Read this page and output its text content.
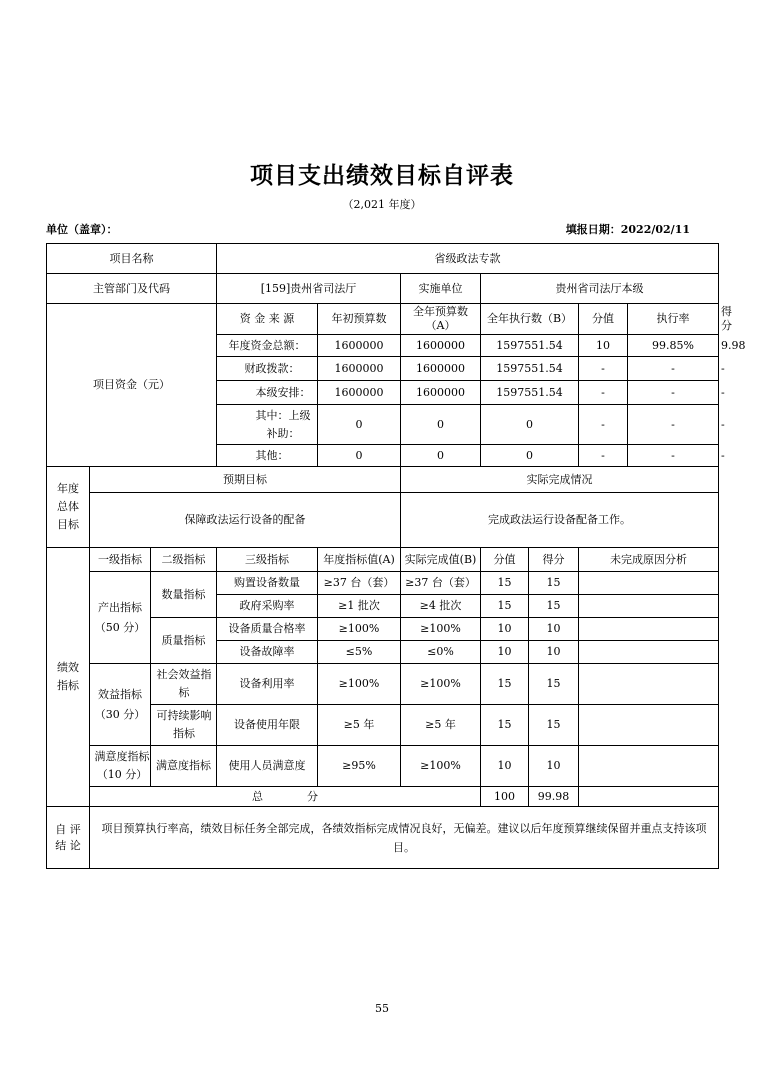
项目支出绩效目标自评表
（2,021 年度）
单位（盖章）：	填报日期：2022/02/11
项目名称			省级政法专款							
主管部门及代码			[159]贵州省司法厅		实施单位	贵州省司法厅本级				
项目资金（元）			资 金 来 源	年初预算数	全年预算数（A）	全年执行数（B）		分值	执行率	得分
			年度资金总额：	1600000	1600000	1597551.54		10	99.85%	9.98
			财政拨款：	1600000	1600000	1597551.54		-	-	-
			本级安排：	1600000	1600000	1597551.54		-	-	-
			其中：上级补助：	0	0	0		-	-	-
			其他：	0	0	0		-	-	-

年度总体目标	预期目标				实际完成情况					
	保障政法运行设备的配备				完成政法运行设备配备工作。					
绩效指标	一级指标	二级指标	三级指标	年度指标值(A)	实际完成值(B)	分值	得分	未完成原因分析		
	产出指标（50 分）	数量指标	购置设备数量	≥37 台（套）	≥37 台（套）	15	15			
			政府采购率	≥1 批次	≥4 批次	15	15			
		质量指标	设备质量合格率	≥100%	≥100%	10	10			
			设备故障率	≤5%	≤0%	10	10			
	效益指标（30 分）	社会效益指标	设备利用率	≥100%	≥100%	15	15			
		可持续影响指标	设备使用年限	≥5 年	≥5 年	15	15			
	满意度指标（10 分）	满意度指标	使用人员满意度	≥95%	≥100%	10	10			
	总　　　　分					100	99.98			
自 评 结 论	项目预算执行率高，绩效目标任务全部完成，各绩效指标完成情况良好，无偏差。建议以后年度预算继续保留并重点支持该项目。									
55
